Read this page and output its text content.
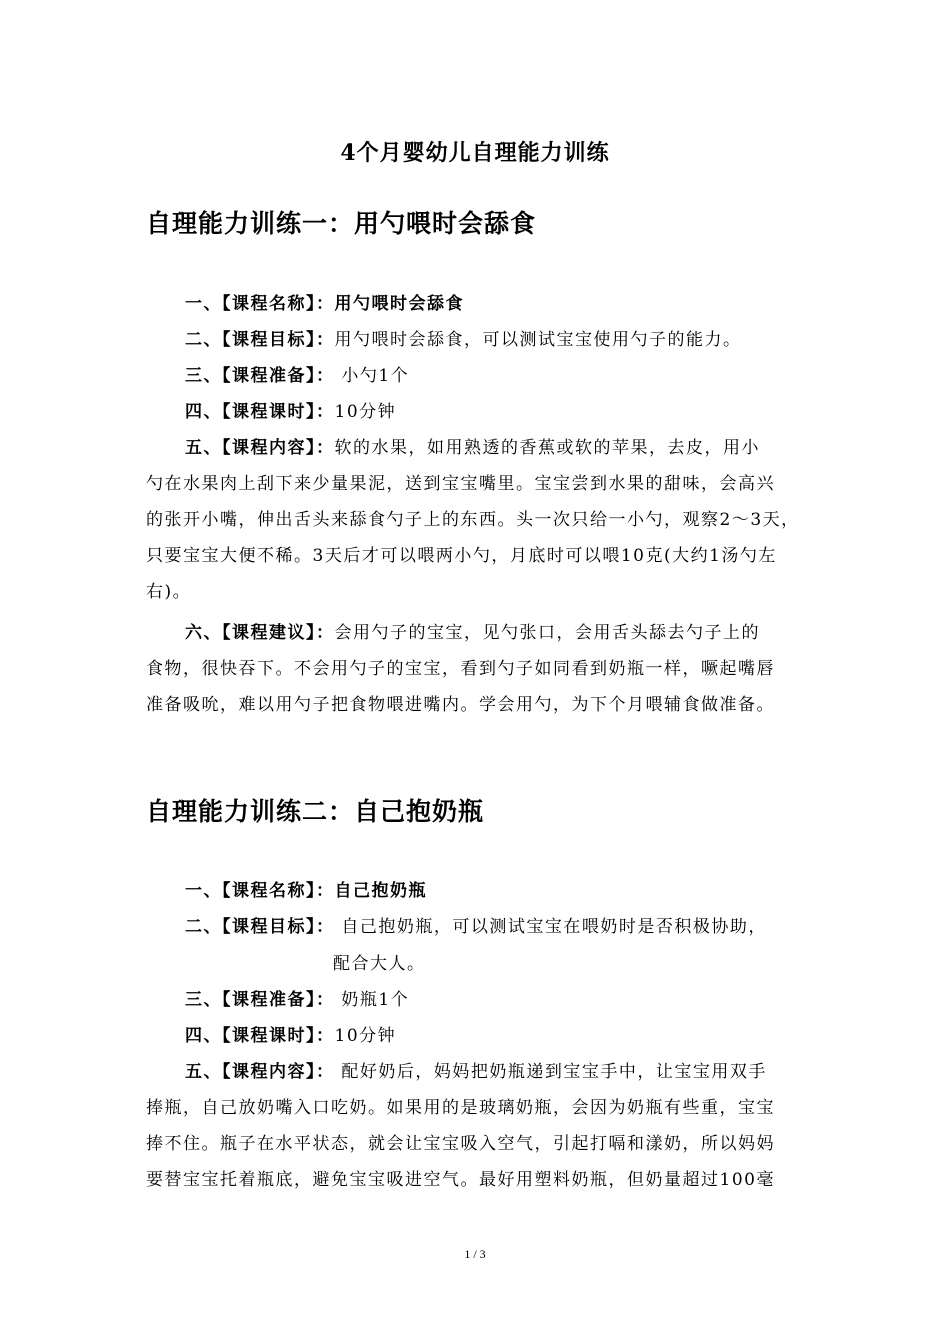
4个月婴幼儿自理能力训练
自理能力训练一：用勺喂时会舔食
一、【课程名称】：用勺喂时会舔食
二、【课程目标】：用勺喂时会舔食，可以测试宝宝使用勺子的能力。
三、【课程准备】： 小勺1个
四、【课程课时】：10分钟
五、【课程内容】：软的水果，如用熟透的香蕉或软的苹果，去皮，用小
勺在水果肉上刮下来少量果泥，送到宝宝嘴里。宝宝尝到水果的甜味，会高兴
的张开小嘴，伸出舌头来舔食勺子上的东西。头一次只给一小勺，观察2～3天，
只要宝宝大便不稀。3天后才可以喂两小勺，月底时可以喂10克(大约1汤勺左
右)。
六、【课程建议】：会用勺子的宝宝，见勺张口，会用舌头舔去勺子上的
食物，很快吞下。不会用勺子的宝宝，看到勺子如同看到奶瓶一样，噘起嘴唇
准备吸吮，难以用勺子把食物喂进嘴内。学会用勺，为下个月喂辅食做准备。
自理能力训练二：自己抱奶瓶
一、【课程名称】：自己抱奶瓶
二、【课程目标】： 自己抱奶瓶，可以测试宝宝在喂奶时是否积极协助，
配合大人。
三、【课程准备】： 奶瓶1个
四、【课程课时】：10分钟
五、【课程内容】： 配好奶后，妈妈把奶瓶递到宝宝手中，让宝宝用双手
捧瓶，自己放奶嘴入口吃奶。如果用的是玻璃奶瓶，会因为奶瓶有些重，宝宝
捧不住。瓶子在水平状态，就会让宝宝吸入空气，引起打嗝和漾奶，所以妈妈
要替宝宝托着瓶底，避免宝宝吸进空气。最好用塑料奶瓶，但奶量超过100毫
1 / 3
